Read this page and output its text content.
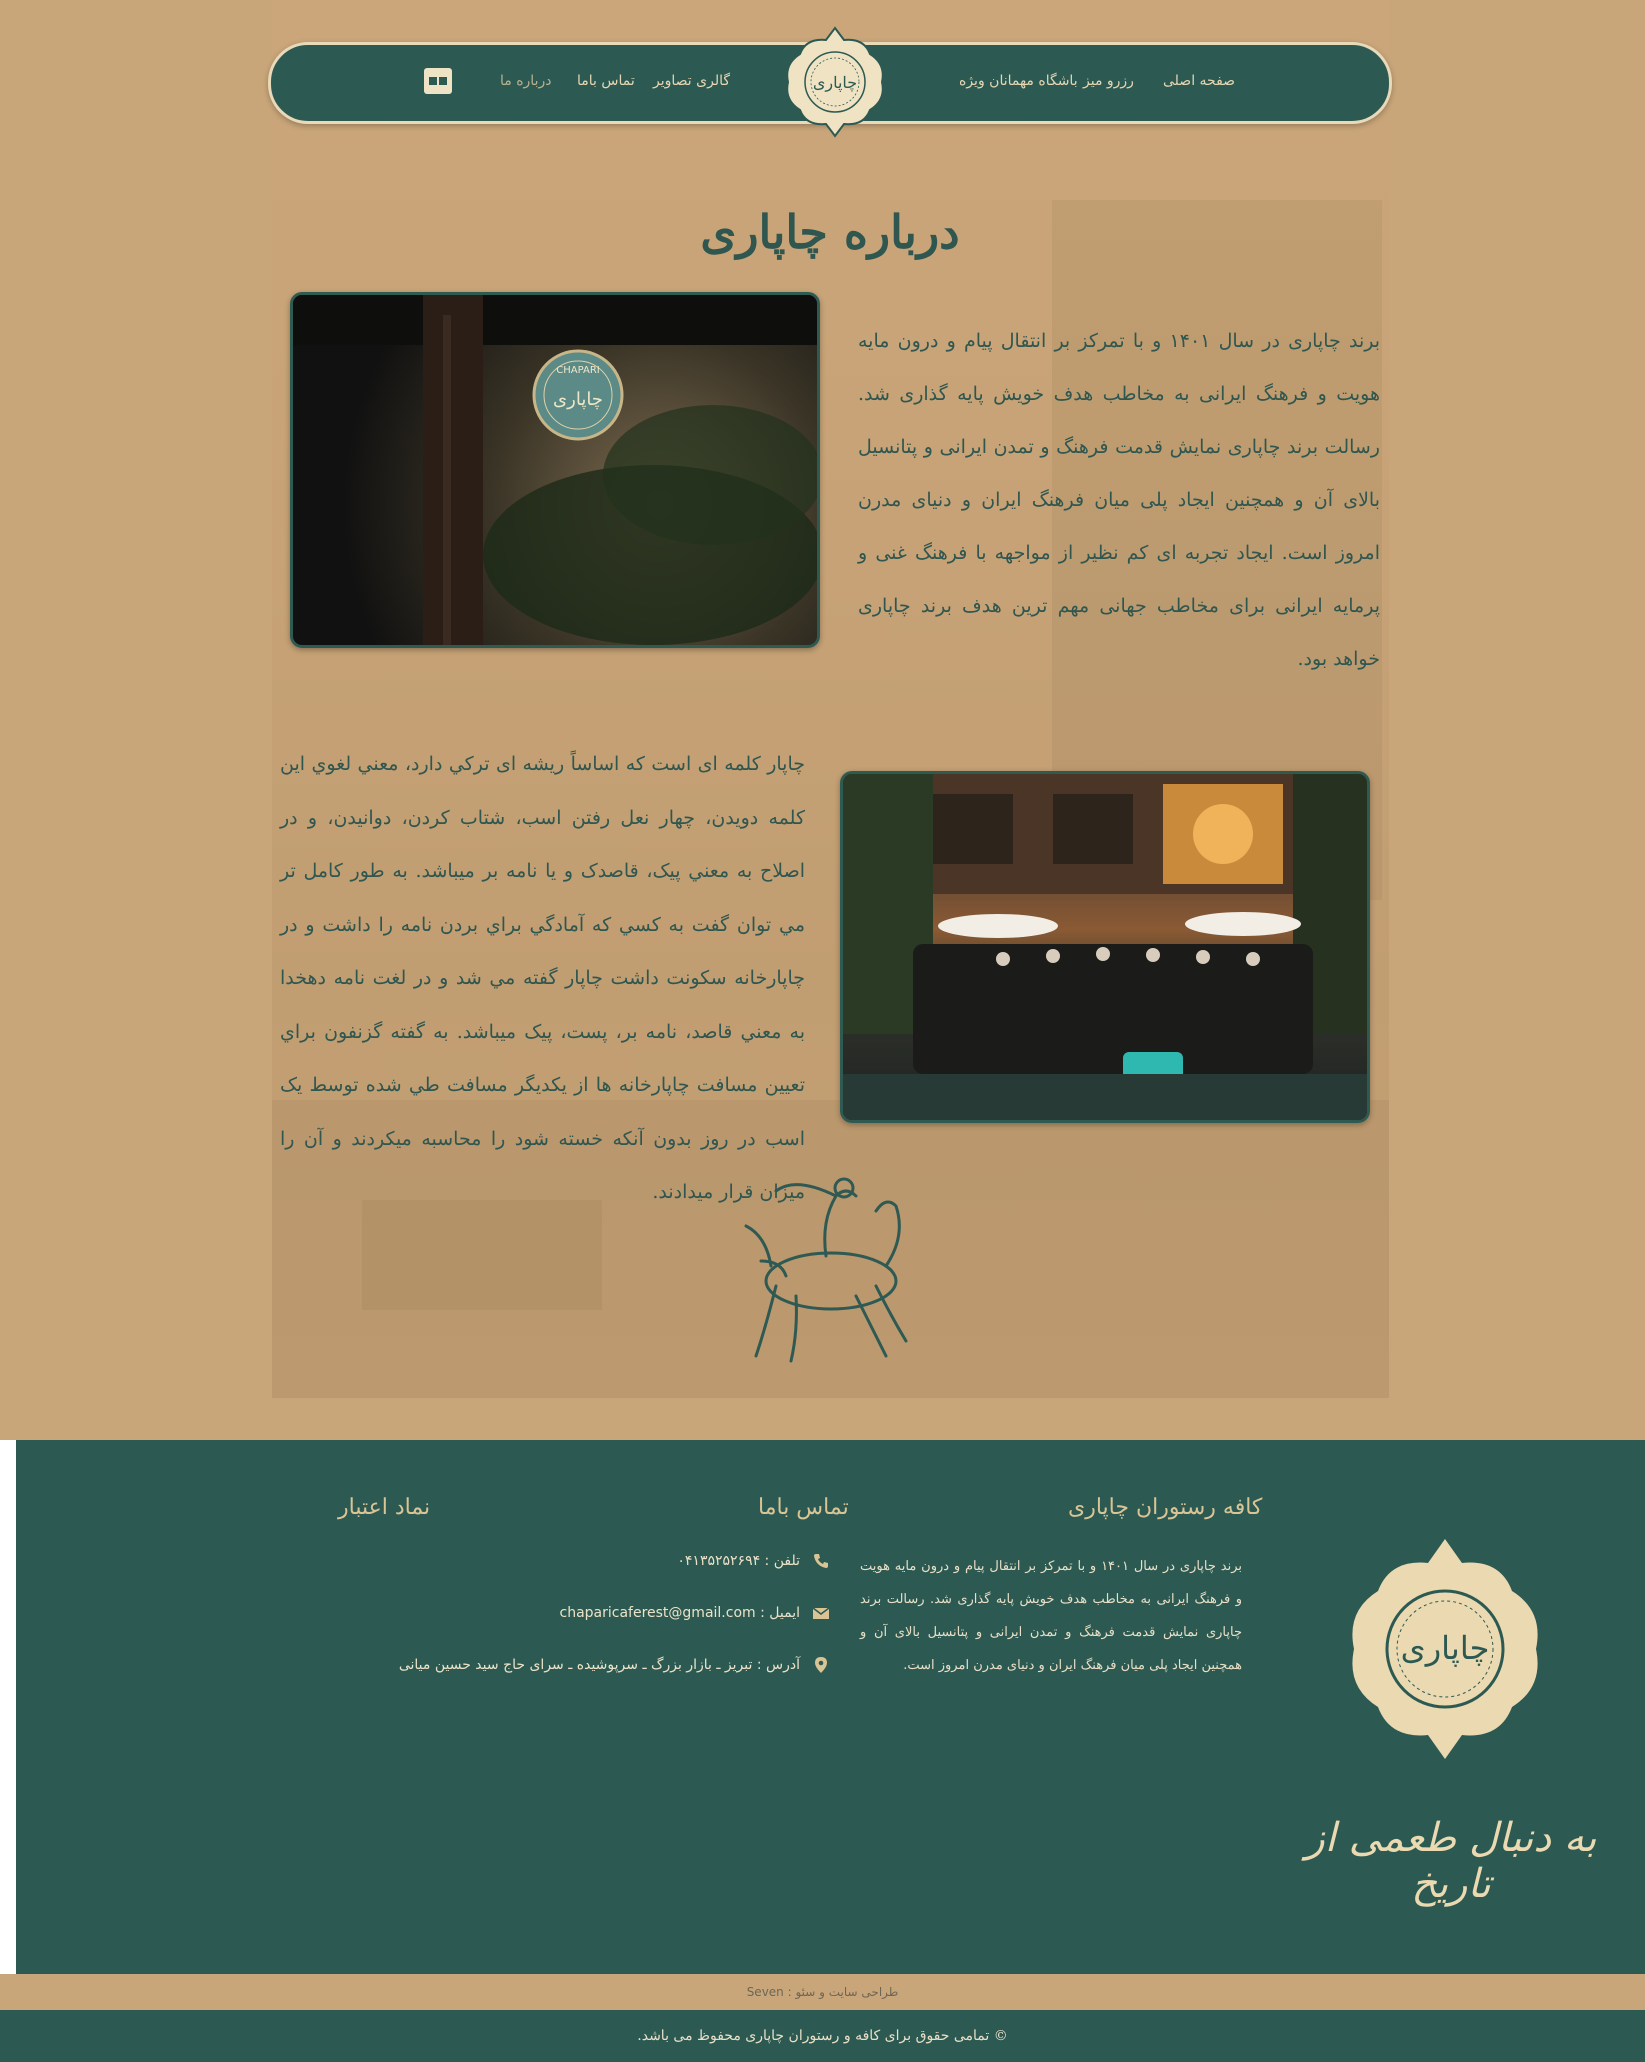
صفحه اصلی
رزرو میز
باشگاه مهمانان ویژه
گالری تصاویر
تماس باما
درباره ما	چاپاری
درباره چاپاری
CHAPARI
چاپاری

برند چاپاری در سال ۱۴۰۱ و با تمرکز بر انتقال پیام و درون مایه هویت و فرهنگ ایرانی به مخاطب هدف خویش پایه گذاری شد. رسالت برند چاپاری نمایش قدمت فرهنگ و تمدن ایرانی و پتانسیل بالای آن و همچنین ایجاد پلی میان فرهنگ ایران و دنیای مدرن امروز است. ایجاد تجربه ای کم نظیر از مواجهه با فرهنگ غنی و پرمایه ایرانی برای مخاطب جهانی مهم ترین هدف برند چاپاری خواهد بود.

چاپار کلمه ای است که اساساً ریشه ای ترکي دارد، معني لغوي اين کلمه دويدن، چهار نعل رفتن اسب، شتاب کردن، دوانيدن، و در اصلاح به معني پيک، قاصدک و يا نامه بر ميباشد. به طور کامل تر مي توان گفت به کسي که آمادگي براي بردن نامه را داشت و در چاپارخانه سکونت داشت چاپار گفته مي شد و در لغت نامه دهخدا به معني قاصد، نامه بر، پست، پيک ميباشد. به گفته گزنفون براي تعيين مسافت چاپارخانه ها از يکديگر مسافت طي شده توسط يک اسب در روز بدون آنکه خسته شود را محاسبه ميکردند و آن را ميزان قرار ميدادند.

کافه رستوران چاپاری

برند چاپاری در سال ۱۴۰۱ و با تمرکز بر انتقال پیام و درون مایه هویت و فرهنگ ایرانی به مخاطب هدف خویش پایه گذاری شد. رسالت برند چاپاری نمایش قدمت فرهنگ و تمدن ایرانی و پتانسیل بالای آن و همچنین ایجاد پلی میان فرهنگ ایران و دنیای مدرن امروز است.

تماس باما
تلفن : ۰۴۱۳۵۲۵۲۶۹۴
ایمیل : chaparicaferest@gmail.com
آدرس : تبریز ـ بازار بزرگ ـ سرپوشیده ـ سرای حاج سید حسین میانی
نماد اعتبار
چاپاری
به دنبال طعمی از تاریخ
طراحی سایت و سئو : Seven
© تمامی حقوق برای کافه و رستوران چاپاری محفوظ می باشد.
